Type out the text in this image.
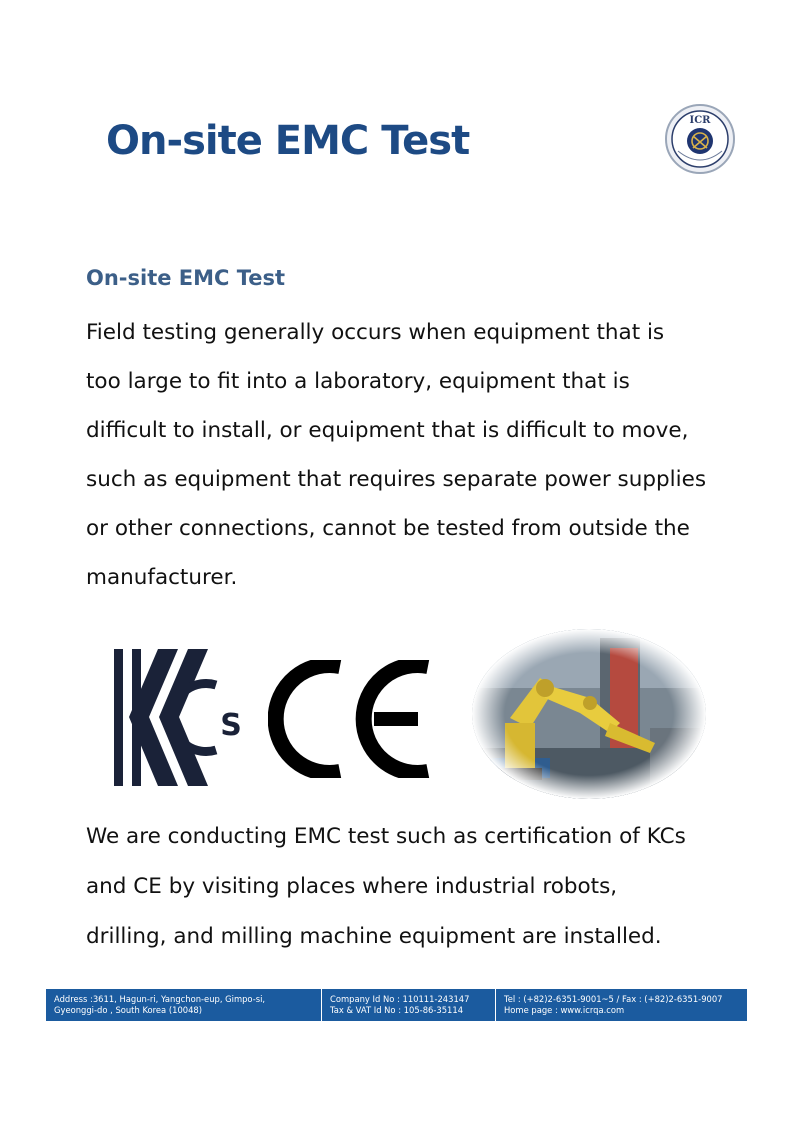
On-site EMC Test	ICR
On-site EMC Test

Field testing generally occurs when equipment that is
too large to fit into a laboratory, equipment that is
difficult to install, or equipment that is difficult to move,
such as equipment that requires separate power supplies
or other connections, cannot be tested from outside the
manufacturer.

S

We are conducting EMC test such as certification of KCs
and CE by visiting places where industrial robots,
drilling, and milling machine equipment are installed.

Address :3611, Hagun-ri, Yangchon-eup, Gimpo-si,
Gyeonggi-do , South Korea (10048)
Company Id No : 110111-243147
Tax & VAT Id No : 105-86-35114
Tel : (+82)2-6351-9001~5 / Fax : (+82)2-6351-9007
Home page : www.icrqa.com
